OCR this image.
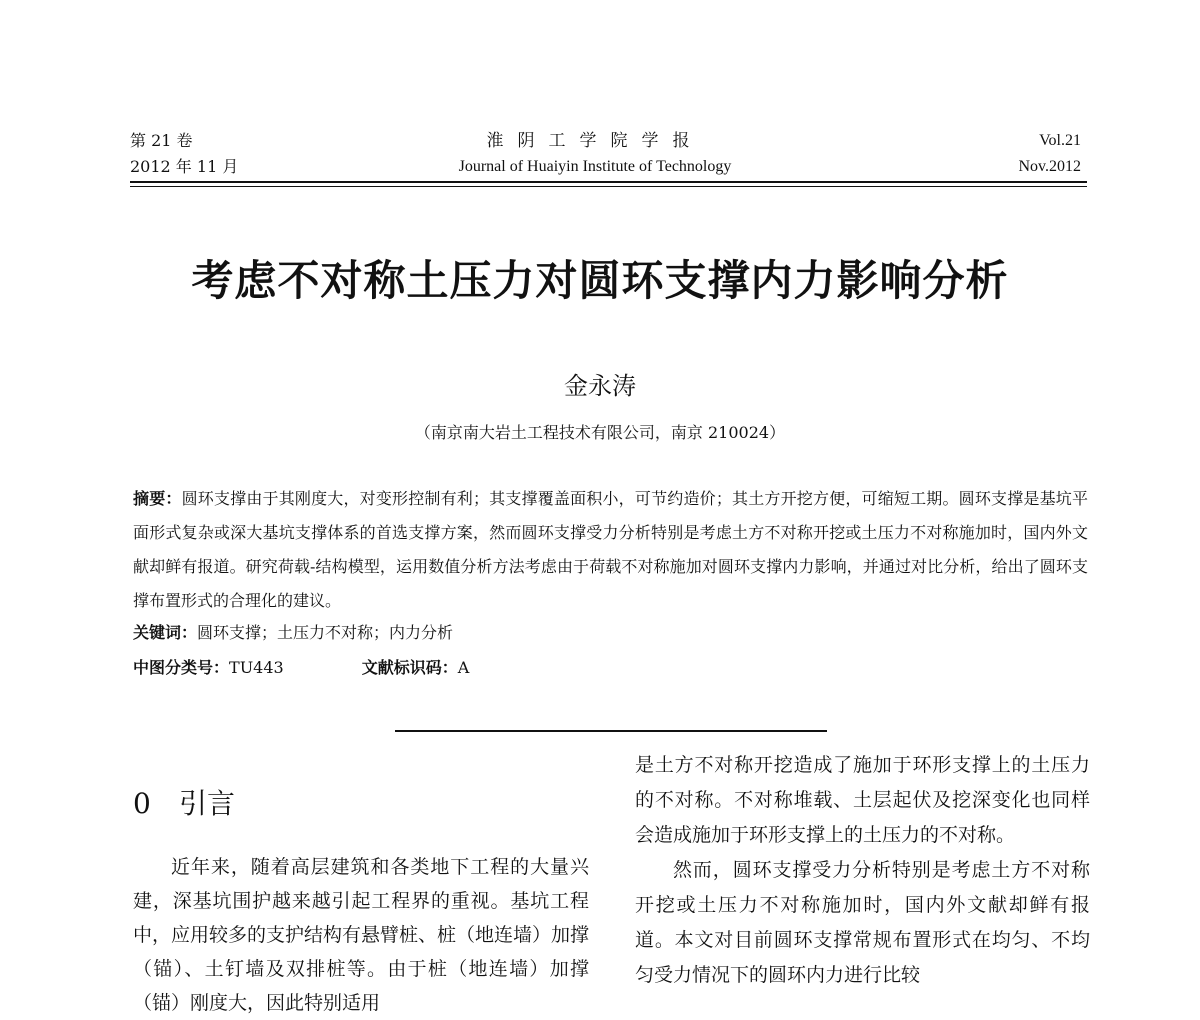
第 21 卷
2012 年 11 月
淮阴工学院学报
Journal of Huaiyin Institute of Technology
Vol.21
Nov.2012
考虑不对称土压力对圆环支撑内力影响分析
金永涛
（南京南大岩土工程技术有限公司，南京 210024）
摘要：圆环支撑由于其刚度大，对变形控制有利；其支撑覆盖面积小，可节约造价；其土方开挖方便，可缩短工期。圆环支撑是基坑平面形式复杂或深大基坑支撑体系的首选支撑方案，然而圆环支撑受力分析特别是考虑土方不对称开挖或土压力不对称施加时，国内外文献却鲜有报道。研究荷载-结构模型，运用数值分析方法考虑由于荷载不对称施加对圆环支撑内力影响，并通过对比分析，给出了圆环支撑布置形式的合理化的建议。
关键词：圆环支撑；土压力不对称；内力分析
中图分类号：TU443	文献标识码：A
0 引言

近年来，随着高层建筑和各类地下工程的大量兴建，深基坑围护越来越引起工程界的重视。基坑工程中，应用较多的支护结构有悬臂桩、桩（地连墙）加撑（锚）、土钉墙及双排桩等。由于桩（地连墙）加撑（锚）刚度大，因此特别适用

是土方不对称开挖造成了施加于环形支撑上的土压力的不对称。不对称堆载、土层起伏及挖深变化也同样会造成施加于环形支撑上的土压力的不对称。

然而，圆环支撑受力分析特别是考虑土方不对称开挖或土压力不对称施加时，国内外文献却鲜有报道。本文对目前圆环支撑常规布置形式在均匀、不均匀受力情况下的圆环内力进行比较
